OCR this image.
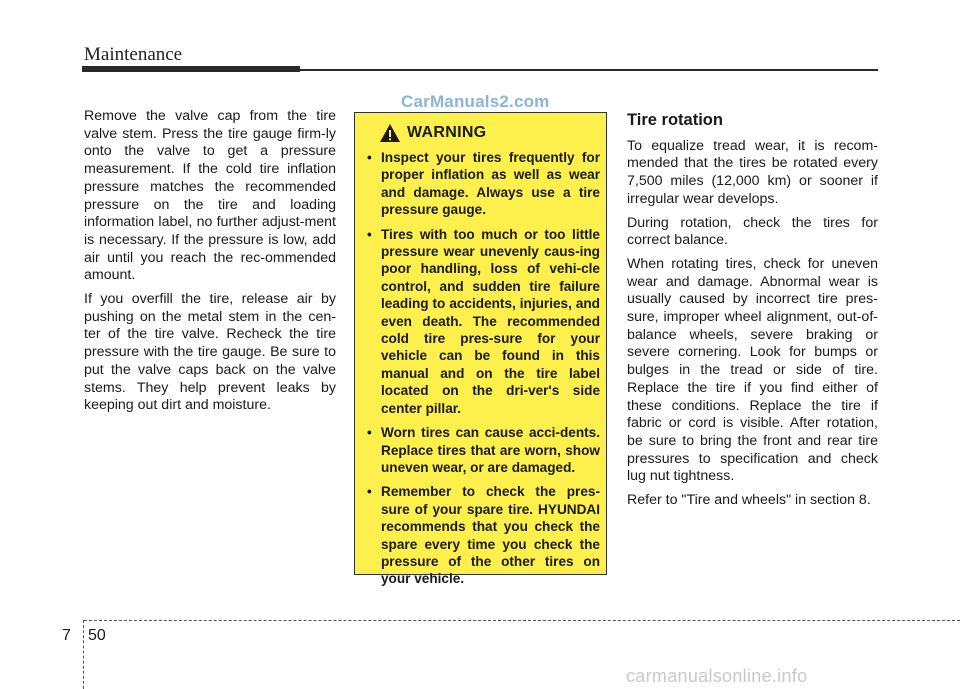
Maintenance
CarManuals2.com

Remove the valve cap from the tire valve stem. Press the tire gauge firm-ly onto the valve to get a pressure measurement. If the cold tire inflation pressure matches the recommended pressure on the tire and loading information label, no further adjust-ment is necessary. If the pressure is low, add air until you reach the rec-ommended amount.

If you overfill the tire, release air by pushing on the metal stem in the cen-ter of the tire valve. Recheck the tire pressure with the tire gauge. Be sure to put the valve caps back on the valve stems. They help prevent leaks by keeping out dirt and moisture.

WARNING
• Inspect your tires frequently for proper inflation as well as wear and damage. Always use a tire pressure gauge.
• Tires with too much or too little pressure wear unevenly caus-ing poor handling, loss of vehi-cle control, and sudden tire failure leading to accidents, injuries, and even death. The recommended cold tire pres-sure for your vehicle can be found in this manual and on the tire label located on the dri-ver's side center pillar.
• Worn tires can cause acci-dents. Replace tires that are worn, show uneven wear, or are damaged.
• Remember to check the pres-sure of your spare tire. HYUNDAI recommends that you check the spare every time you check the pressure of the other tires on your vehicle.
Tire rotation

To equalize tread wear, it is recom-mended that the tires be rotated every 7,500 miles (12,000 km) or sooner if irregular wear develops.

During rotation, check the tires for correct balance.

When rotating tires, check for uneven wear and damage. Abnormal wear is usually caused by incorrect tire pres-sure, improper wheel alignment, out-of-balance wheels, severe braking or severe cornering. Look for bumps or bulges in the tread or side of tire. Replace the tire if you find either of these conditions. Replace the tire if fabric or cord is visible. After rotation, be sure to bring the front and rear tire pressures to specification and check lug nut tightness.

Refer to "Tire and wheels" in section 8.

7 50
carmanualsonline.info
